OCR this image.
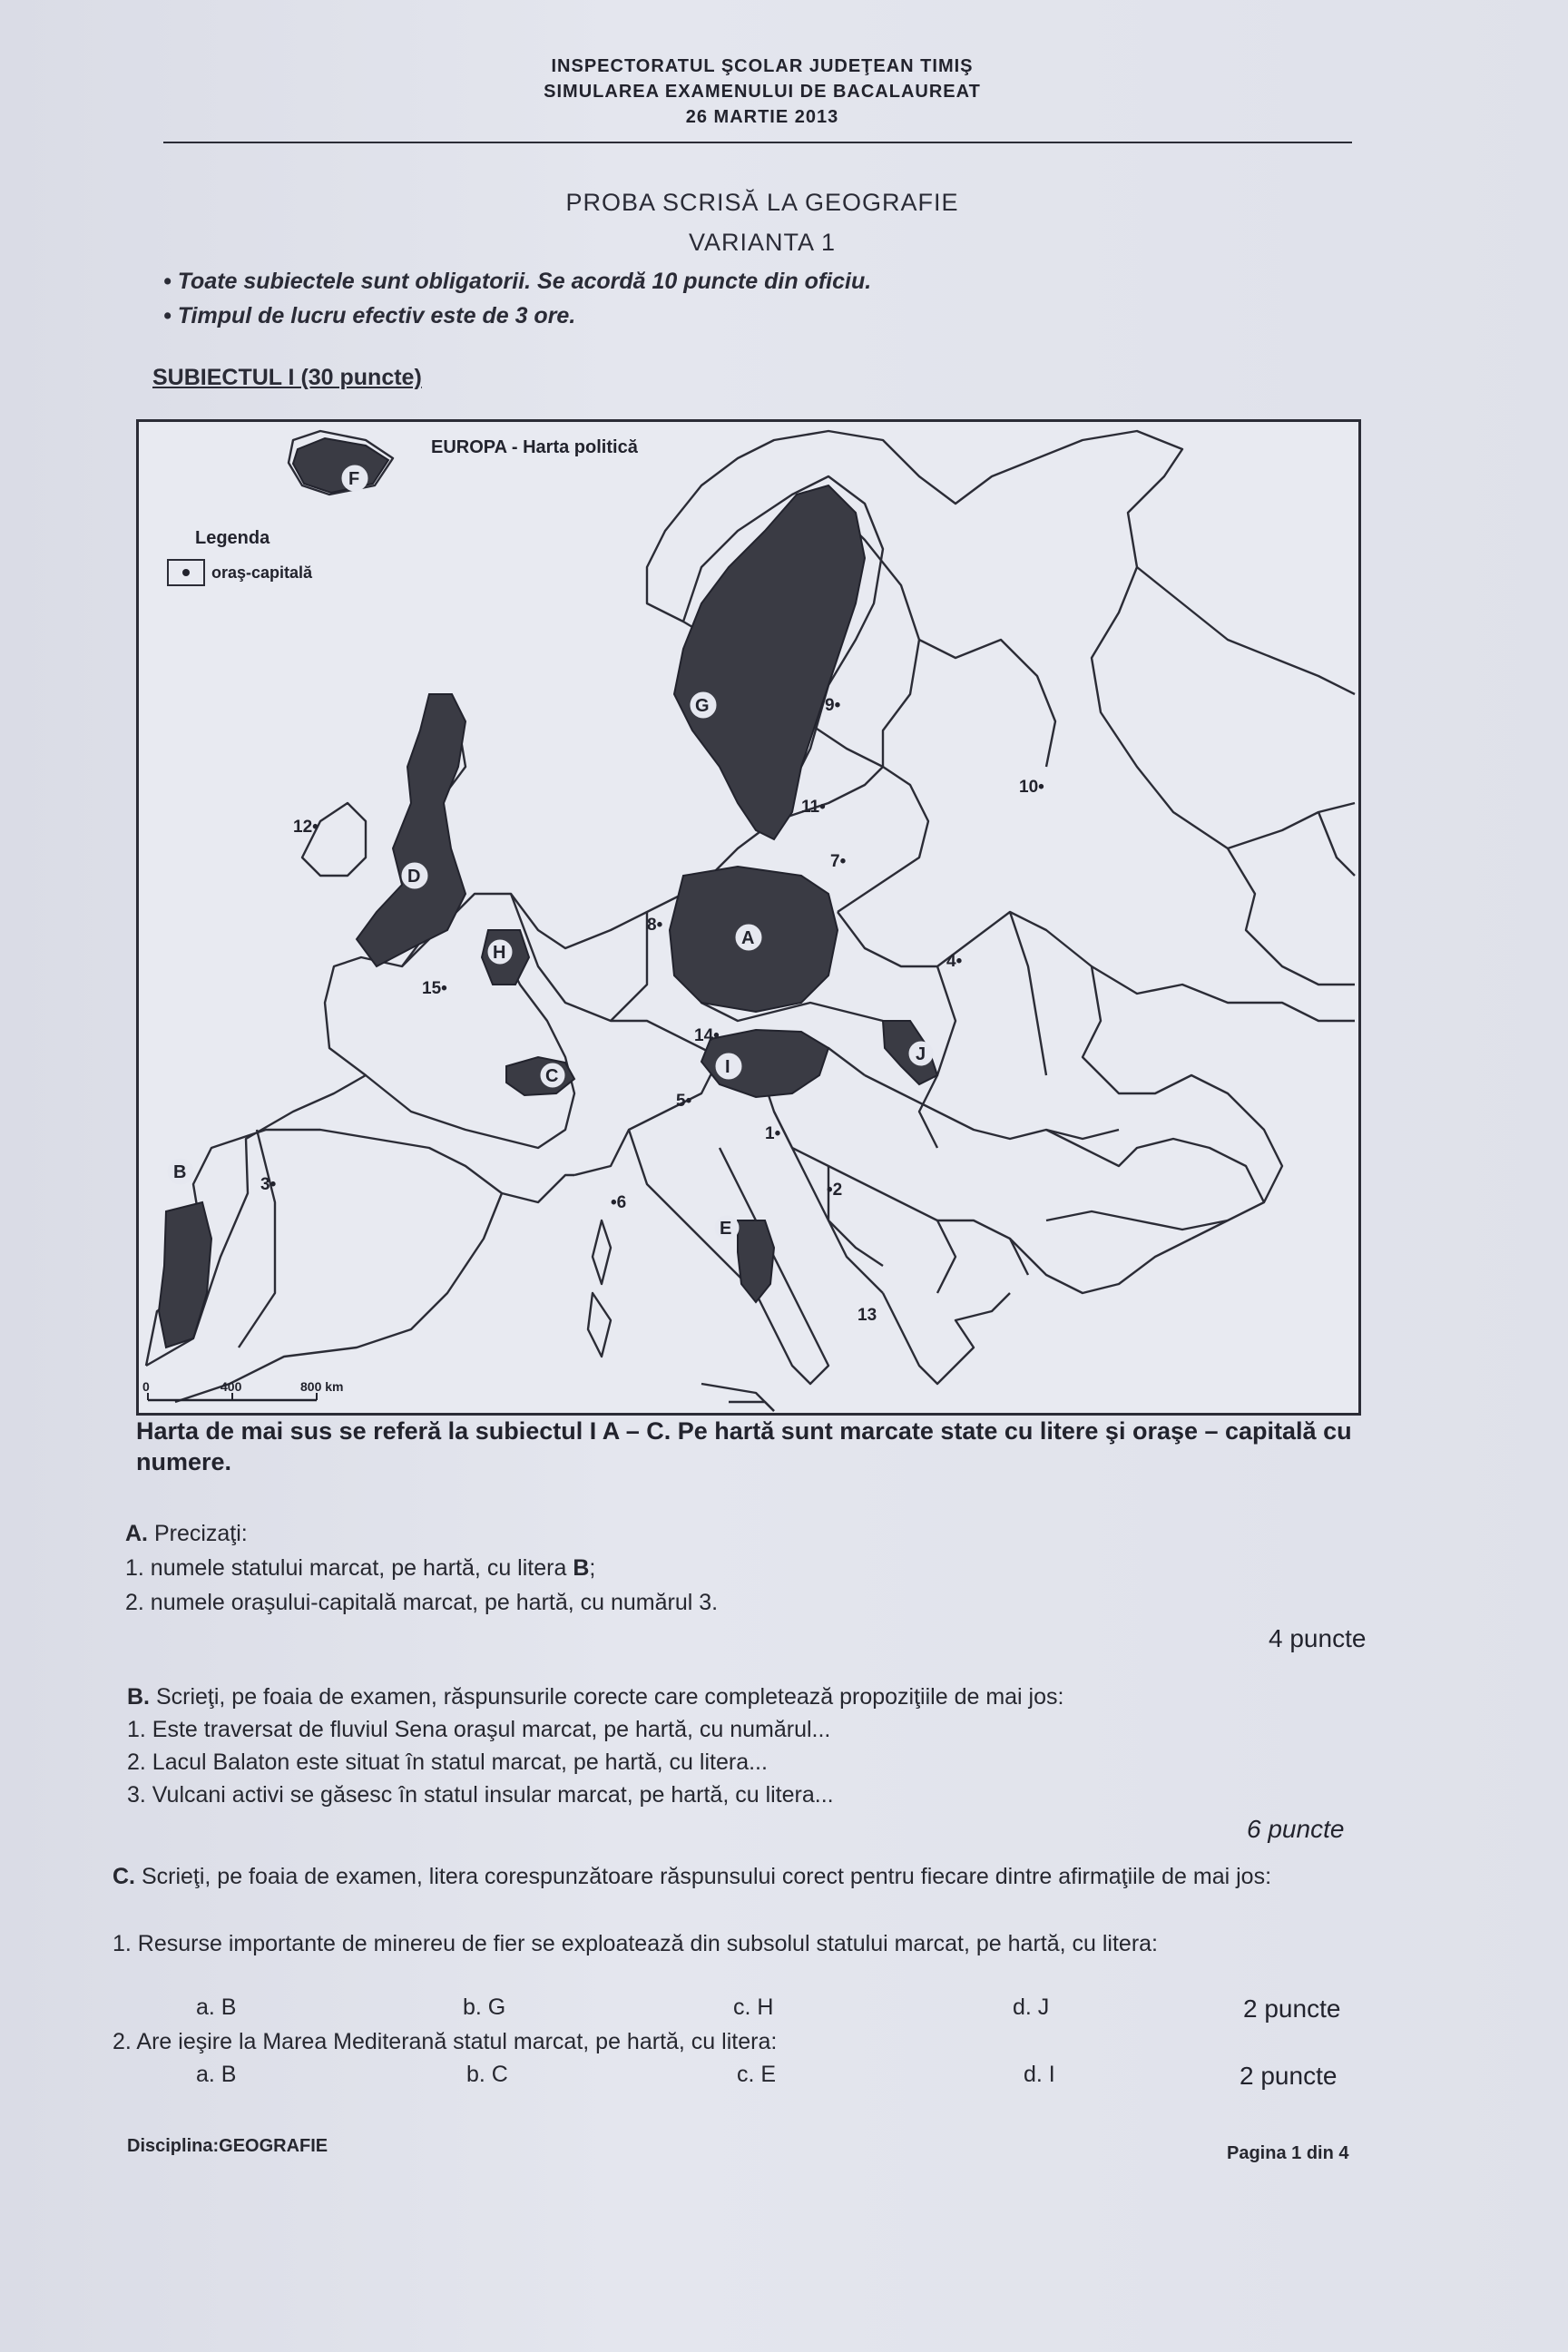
INSPECTORATUL ŞCOLAR JUDEŢEAN TIMIŞ
SIMULAREA EXAMENULUI DE BACALAUREAT
26 MARTIE 2013
PROBA SCRISĂ LA GEOGRAFIE
VARIANTA 1
• Toate subiectele sunt obligatorii. Se acordă 10 puncte din oficiu.
• Timpul de lucru efectiv este de 3 ore.
SUBIECTUL I (30 puncte)
F
G
D
H
A
I
C
J
B
E
9•
10•
11•
12•
7•
8•
4•
15•
14•
5•
1•
•2
3•
•6
13
EUROPA - Harta politică
Legenda
oraş-capitală
0	400	800 km
Harta de mai sus se referă la subiectul I A – C. Pe hartă sunt marcate state cu litere şi oraşe – capitală cu numere.
A. Precizaţi:
1. numele statului marcat, pe hartă, cu litera B;
2. numele oraşului-capitală marcat, pe hartă, cu numărul 3.
4 puncte
B. Scrieţi, pe foaia de examen, răspunsurile corecte care completează propoziţiile de mai jos:
1. Este traversat de fluviul Sena oraşul marcat, pe hartă, cu numărul...
2. Lacul Balaton este situat în statul marcat, pe hartă, cu litera...
3. Vulcani activi se găsesc în statul insular marcat, pe hartă, cu litera...
6 puncte
C. Scrieţi, pe foaia de examen, litera corespunzătoare răspunsului corect pentru fiecare dintre afirmaţiile de mai jos:
1. Resurse importante de minereu de fier se exploatează din subsolul statului marcat, pe hartă, cu litera:
a. B	b. G	c. H	d. J	2 puncte
2. Are ieşire la Marea Mediterană statul marcat, pe hartă, cu litera:
a. B	b. C	c. E	d. I	2 puncte
Disciplina:GEOGRAFIE	Pagina 1 din 4
